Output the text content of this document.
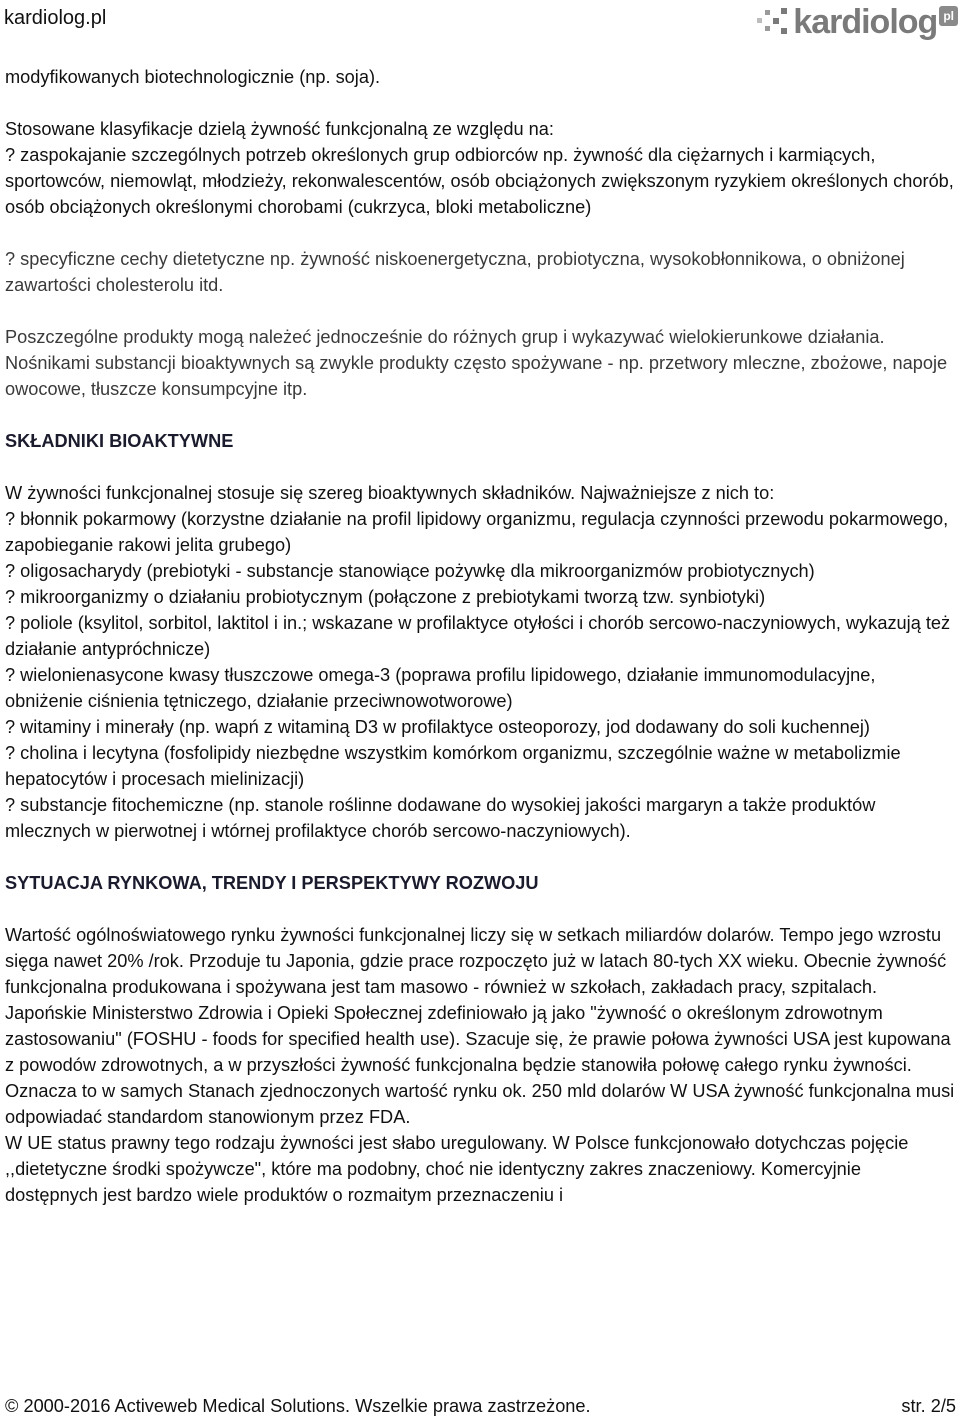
kardiolog.pl	kardiolog pl

modyfikowanych biotechnologicznie (np. soja).

Stosowane klasyfikacje dzielą żywność funkcjonalną ze względu na:

? zaspokajanie szczególnych potrzeb określonych grup odbiorców np. żywność dla ciężarnych i karmiących, sportowców, niemowląt, młodzieży, rekonwalescentów, osób obciążonych zwiększonym ryzykiem określonych chorób, osób obciążonych określonymi chorobami (cukrzyca, bloki metaboliczne)

? specyficzne cechy dietetyczne np. żywność niskoenergetyczna, probiotyczna, wysokobłonnikowa, o obniżonej zawartości cholesterolu itd.

Poszczególne produkty mogą należeć jednocześnie do różnych grup i wykazywać wielokierunkowe działania. Nośnikami substancji bioaktywnych są zwykle produkty często spożywane - np. przetwory mleczne, zbożowe, napoje owocowe, tłuszcze konsumpcyjne itp.

SKŁADNIKI BIOAKTYWNE

W żywności funkcjonalnej stosuje się szereg bioaktywnych składników. Najważniejsze z nich to:

? błonnik pokarmowy (korzystne działanie na profil lipidowy organizmu, regulacja czynności przewodu pokarmowego, zapobieganie rakowi jelita grubego)

? oligosacharydy (prebiotyki - substancje stanowiące pożywkę dla mikroorganizmów probiotycznych)

? mikroorganizmy o działaniu probiotycznym (połączone z prebiotykami tworzą tzw. synbiotyki)

? poliole (ksylitol, sorbitol, laktitol i in.; wskazane w profilaktyce otyłości i chorób sercowo-naczyniowych, wykazują też działanie antypróchnicze)

? wielonienasycone kwasy tłuszczowe omega-3 (poprawa profilu lipidowego, działanie immunomodulacyjne, obniżenie ciśnienia tętniczego, działanie przeciwnowotworowe)

? witaminy i minerały (np. wapń z witaminą D3 w profilaktyce osteoporozy, jod dodawany do soli kuchennej)

? cholina i lecytyna (fosfolipidy niezbędne wszystkim komórkom organizmu, szczególnie ważne w metabolizmie hepatocytów i procesach mielinizacji)

? substancje fitochemiczne (np. stanole roślinne dodawane do wysokiej jakości margaryn a także produktów mlecznych w pierwotnej i wtórnej profilaktyce chorób sercowo-naczyniowych).

SYTUACJA RYNKOWA, TRENDY I PERSPEKTYWY ROZWOJU

Wartość ogólnoświatowego rynku żywności funkcjonalnej liczy się w setkach miliardów dolarów. Tempo jego wzrostu sięga nawet 20% /rok. Przoduje tu Japonia, gdzie prace rozpoczęto już w latach 80-tych XX wieku. Obecnie żywność funkcjonalna produkowana i spożywana jest tam masowo - również w szkołach, zakładach pracy, szpitalach. Japońskie Ministerstwo Zdrowia i Opieki Społecznej zdefiniowało ją jako "żywność o określonym zdrowotnym zastosowaniu" (FOSHU - foods for specified health use). Szacuje się, że prawie połowa żywności USA jest kupowana z powodów zdrowotnych, a w przyszłości żywność funkcjonalna będzie stanowiła połowę całego rynku żywności. Oznacza to w samych Stanach zjednoczonych wartość rynku ok. 250 mld dolarów W USA żywność funkcjonalna musi odpowiadać standardom stanowionym przez FDA.

W UE status prawny tego rodzaju żywności jest słabo uregulowany. W Polsce funkcjonowało dotychczas pojęcie ,,dietetyczne środki spożywcze", które ma podobny, choć nie identyczny zakres znaczeniowy. Komercyjnie dostępnych jest bardzo wiele produktów o rozmaitym przeznaczeniu i

© 2000-2016 Activeweb Medical Solutions. Wszelkie prawa zastrzeżone.	str. 2/5
